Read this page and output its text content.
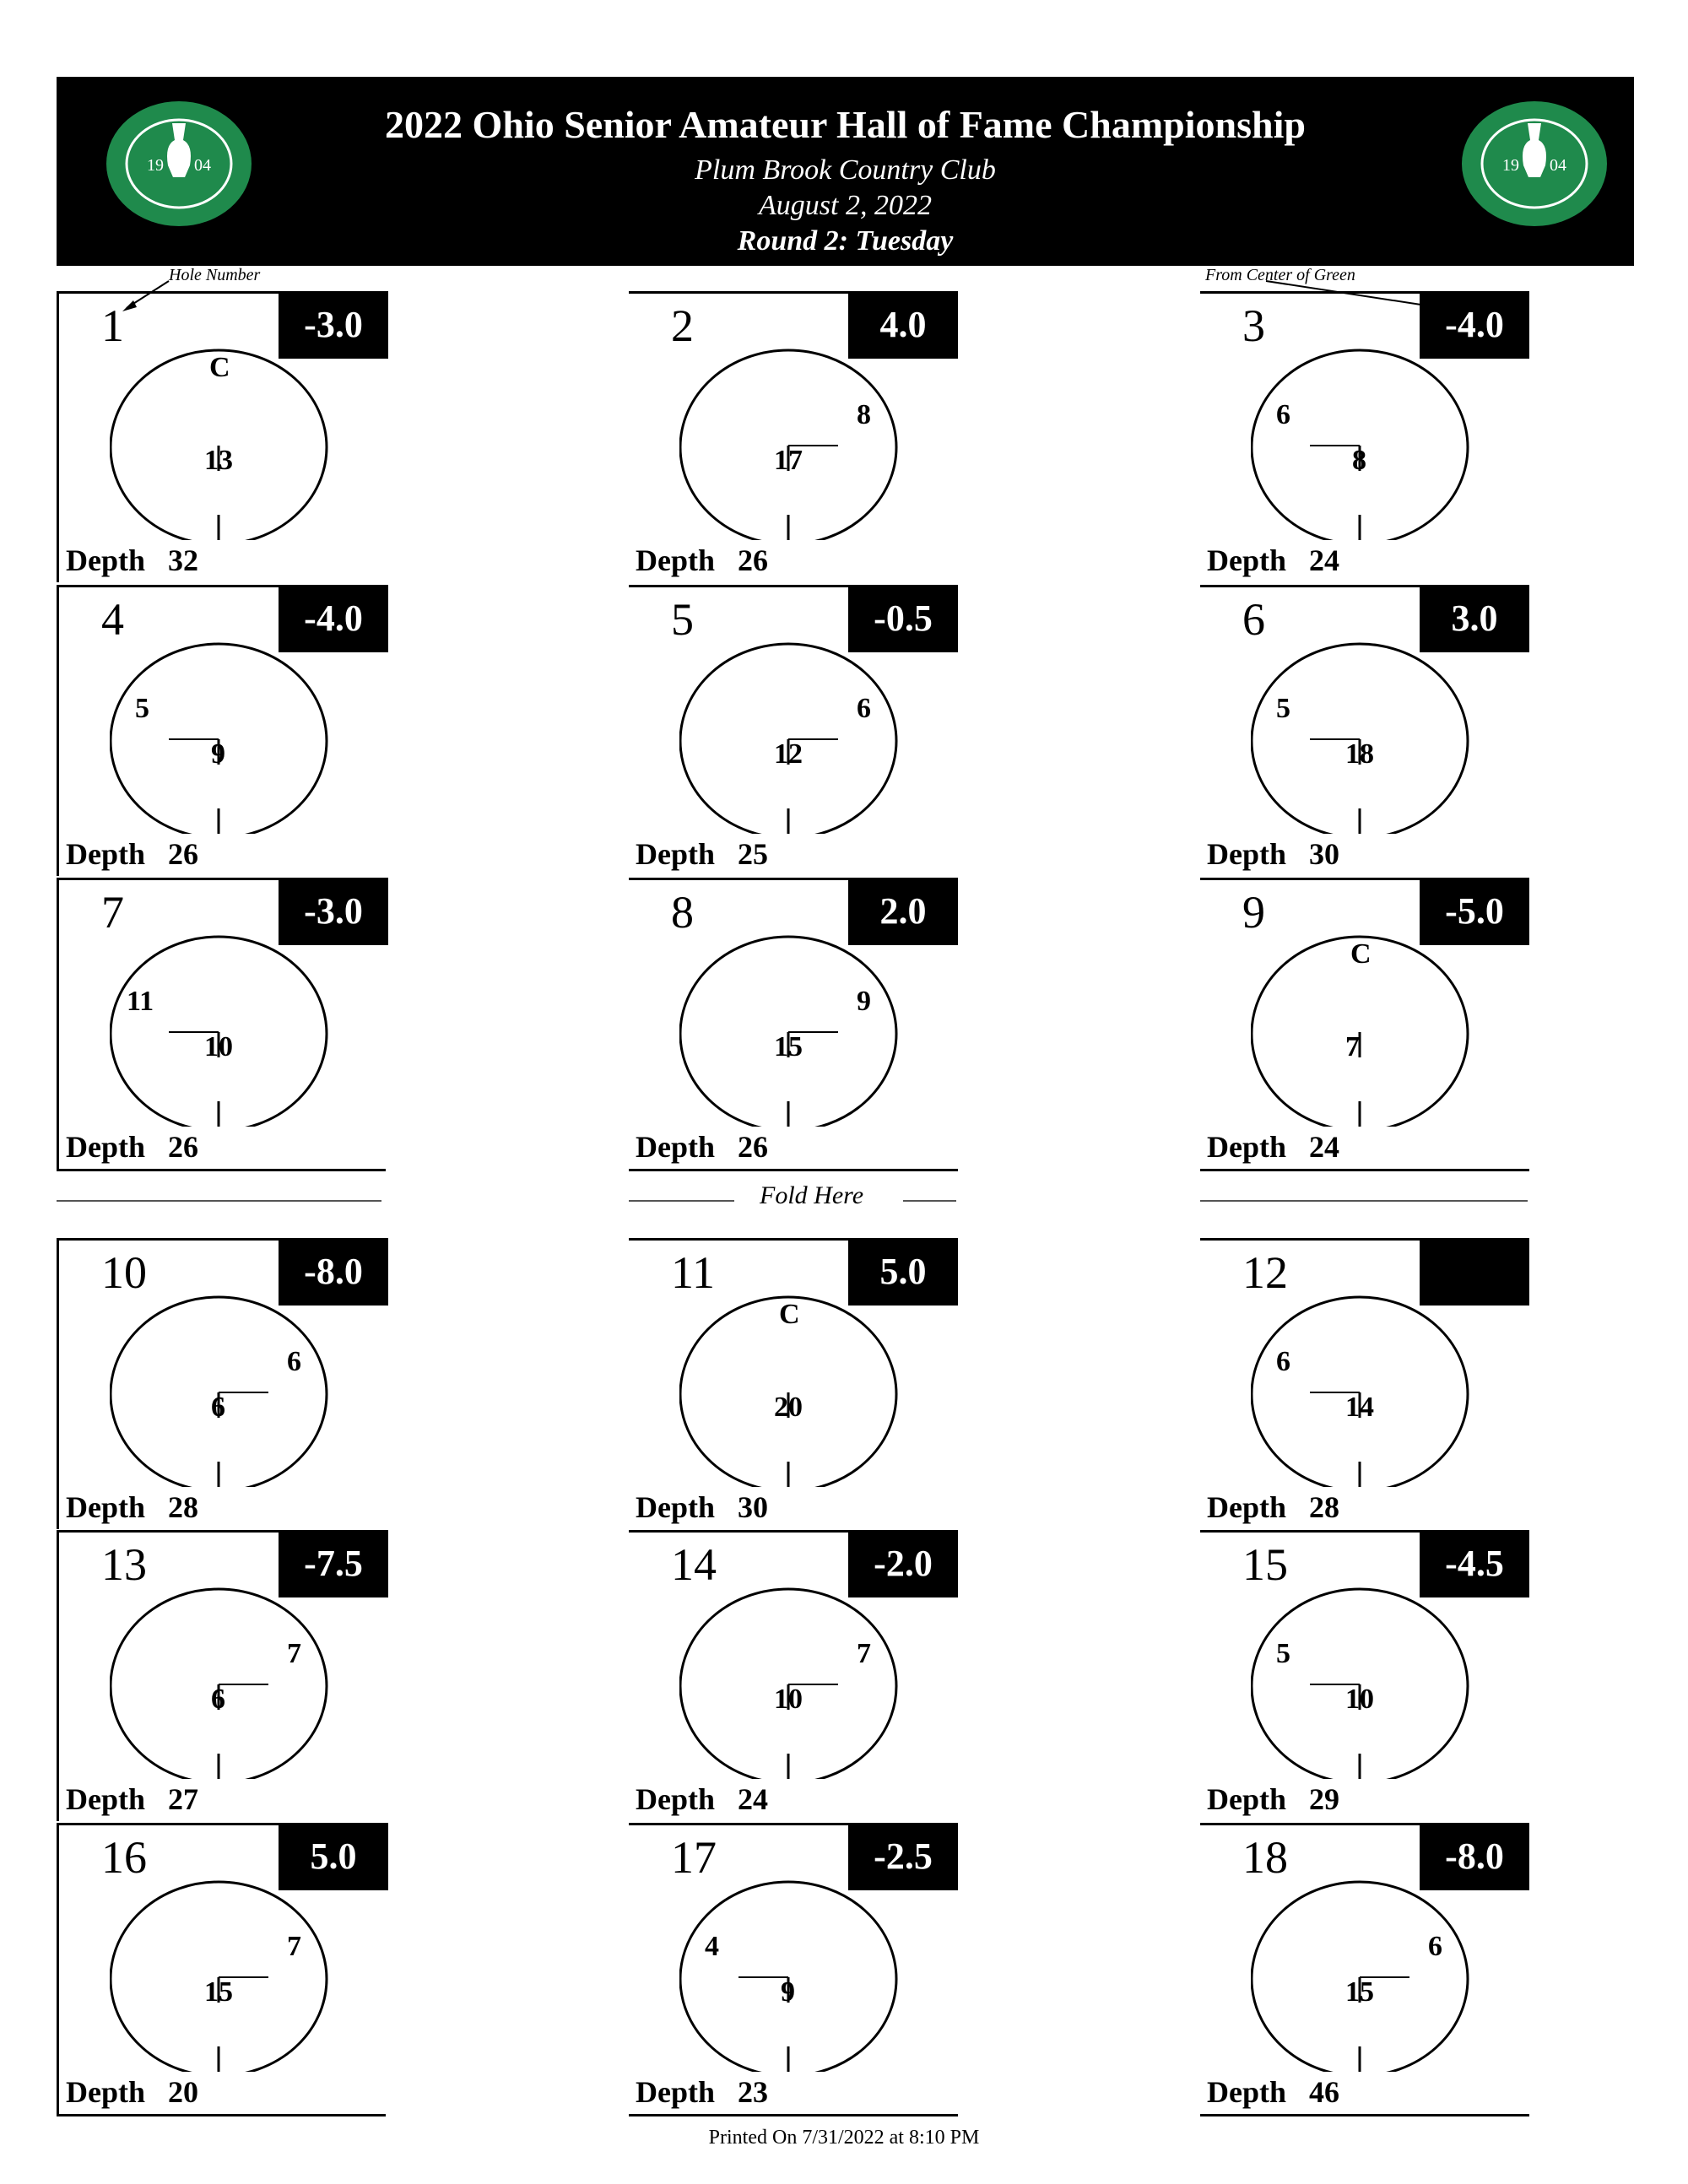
19 04
2022 Ohio Senior Amateur Hall of Fame Championship
Plum Brook Country Club
August 2, 2022
Round 2: Tuesday
19 04
Hole Number	From Center of Green
1	-3.0
C
13
Depth 32
2	4.0
17
8
Depth 26
3	-4.0
8
6
Depth 24
4	-4.0
9
5
Depth 26
5	-0.5
12
6
Depth 25
6	3.0
18
5
Depth 30
7	-3.0
10
11
Depth 26
8	2.0
15
9
Depth 26
9	-5.0
C
7
Depth 24
10	-8.0
6
6
Depth 28
11	5.0
C
20
Depth 30
12
14
6
Depth 28
13	-7.5
6
7
Depth 27
14	-2.0
10
7
Depth 24
15	-4.5
10
5
Depth 29
16	5.0
15
7
Depth 20
17	-2.5
9
4
Depth 23
18	-8.0
15
6
Depth 46
Fold Here
Printed On 7/31/2022 at 8:10 PM
